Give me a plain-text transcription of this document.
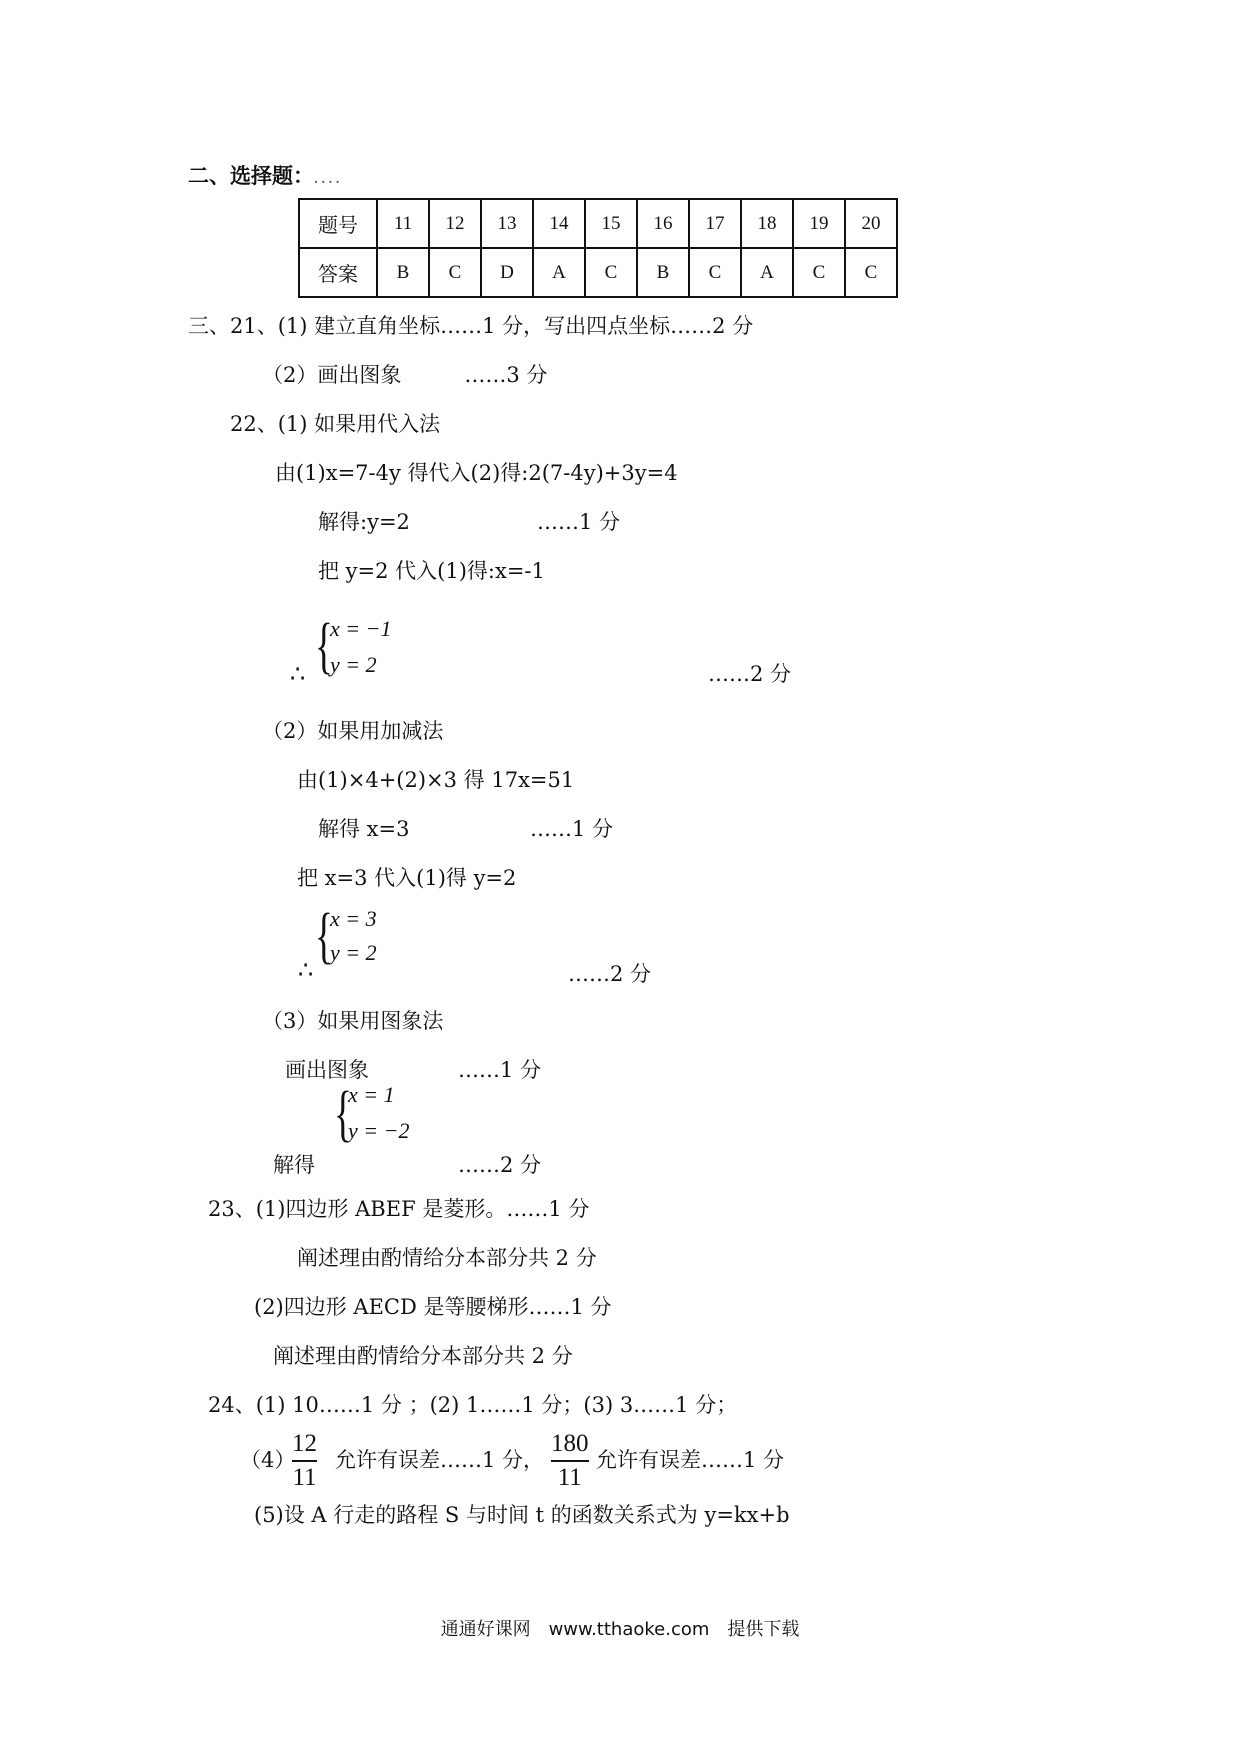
二、选择题：....
题号	11	12	13	14	15	16	17	18	19	20
答案	B	C	D	A	C	B	C	A	C	C
三、21、(1) 建立直角坐标……1 分，写出四点坐标……2 分
（2）画出图象　　　……3 分
22、(1) 如果用代入法
由(1)x=7-4y 得代入(2)得:2(7-4y)+3y=4
解得:y=2	……1 分
把 y=2 代入(1)得:x=-1
{
x = −1
y = 2
∴	……2 分
（2）如果用加减法
由(1)×4+(2)×3 得 17x=51
解得 x=3	……1 分
把 x=3 代入(1)得 y=2
{
x = 3
y = 2
∴	……2 分
（3）如果用图象法
画出图象	……1 分
{
x = 1
y = −2
解得	……2 分
23、(1)四边形 ABEF 是菱形。……1 分
阐述理由酌情给分本部分共 2 分
(2)四边形 AECD 是等腰梯形……1 分
阐述理由酌情给分本部分共 2 分
24、(1) 10……1 分 ；(2) 1……1 分；(3) 3……1 分；
（4）
12
11
允许有误差……1 分，
180
11
允许有误差……1 分
(5)设 A 行走的路程 S 与时间 t 的函数关系式为 y=kx+b
通通好课网　www.tthaoke.com　提供下载
